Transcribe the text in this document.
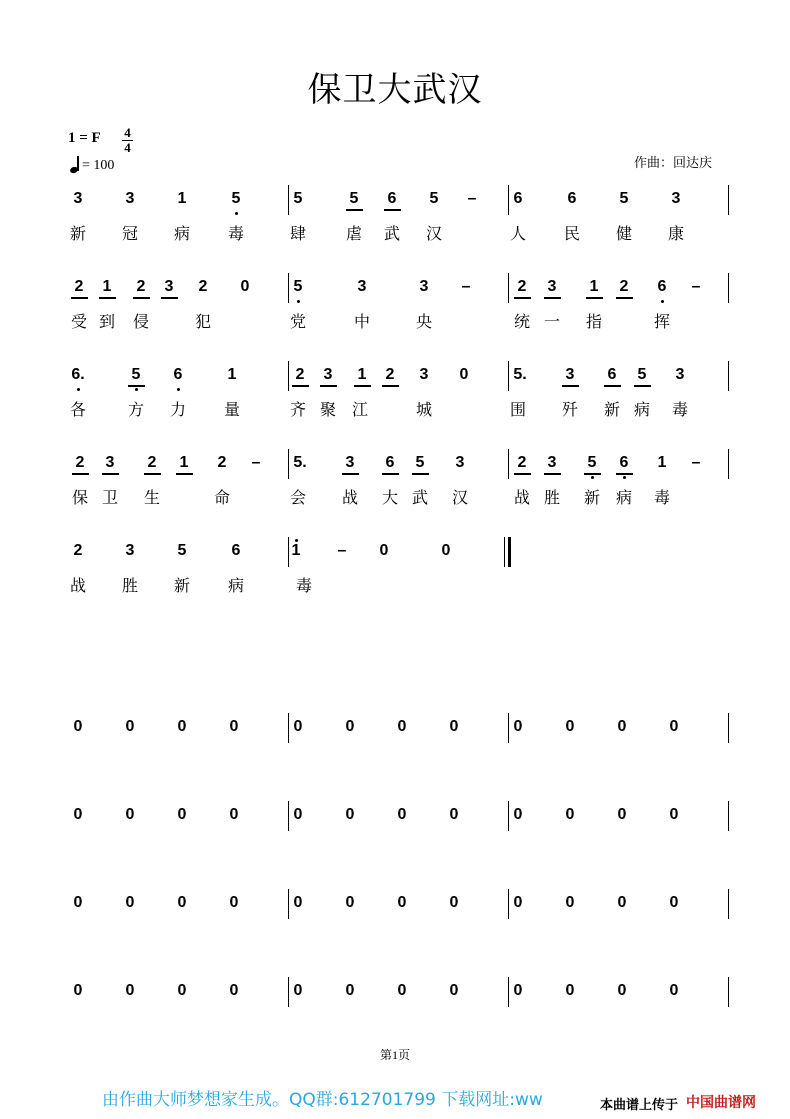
保卫大武汉
1 = F 4
4
= 100	作曲：回达庆
3	3	1	5	5	5 6 5 – 6	6	5	3
新 冠 病 毒	肆 虐 武 汉	人 民 健 康
2 1 2 3 2 0	5	3	3 –	2 3 1 2 6 –
受 到 侵	犯	党	中	央	统 一 指	挥
6.	5 6	1	2 3 1 2 3 0	5. 3 6 5 3
各	方 力 量	齐 聚 江	城	围 歼 新 病 毒
2 3 2 1 2 – 5. 3 6 5 3	2 3 5 6 1 –
保 卫 生	命	会 战 大 武 汉	战 胜 新 病 毒
2	3	5	6	1 – 0	0
战 胜 新 病	毒
0	0	0	0	0	0	0	0	0	0	0	0
0	0	0	0	0	0	0	0	0	0	0	0
0	0	0	0	0	0	0	0	0	0	0	0
0	0	0	0	0	0	0	0	0	0	0	0
第1页
由作曲大师梦想家生成。QQ群:612701799 下载网址:ww	本曲谱上传于 中国曲谱网
